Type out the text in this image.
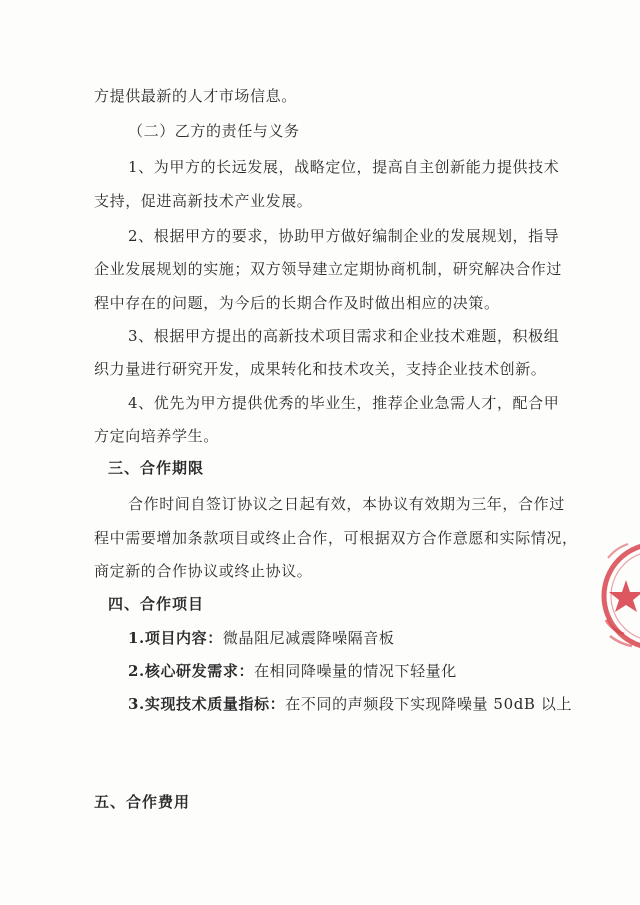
方提供最新的人才市场信息。
（二）乙方的责任与义务
1、为甲方的长远发展，战略定位，提高自主创新能力提供技术
支持，促进高新技术产业发展。
2、根据甲方的要求，协助甲方做好编制企业的发展规划，指导
企业发展规划的实施；双方领导建立定期协商机制，研究解决合作过
程中存在的问题，为今后的长期合作及时做出相应的决策。
3、根据甲方提出的高新技术项目需求和企业技术难题，积极组
织力量进行研究开发，成果转化和技术攻关，支持企业技术创新。
4、优先为甲方提供优秀的毕业生，推荐企业急需人才，配合甲
方定向培养学生。
三、合作期限
合作时间自签订协议之日起有效，本协议有效期为三年，合作过
程中需要增加条款项目或终止合作，可根据双方合作意愿和实际情况，
商定新的合作协议或终止协议。
四、合作项目
1.项目内容：微晶阻尼减震降噪隔音板
2.核心研发需求：在相同降噪量的情况下轻量化
3.实现技术质量指标：在不同的声频段下实现降噪量 50dB 以上
五、合作费用
